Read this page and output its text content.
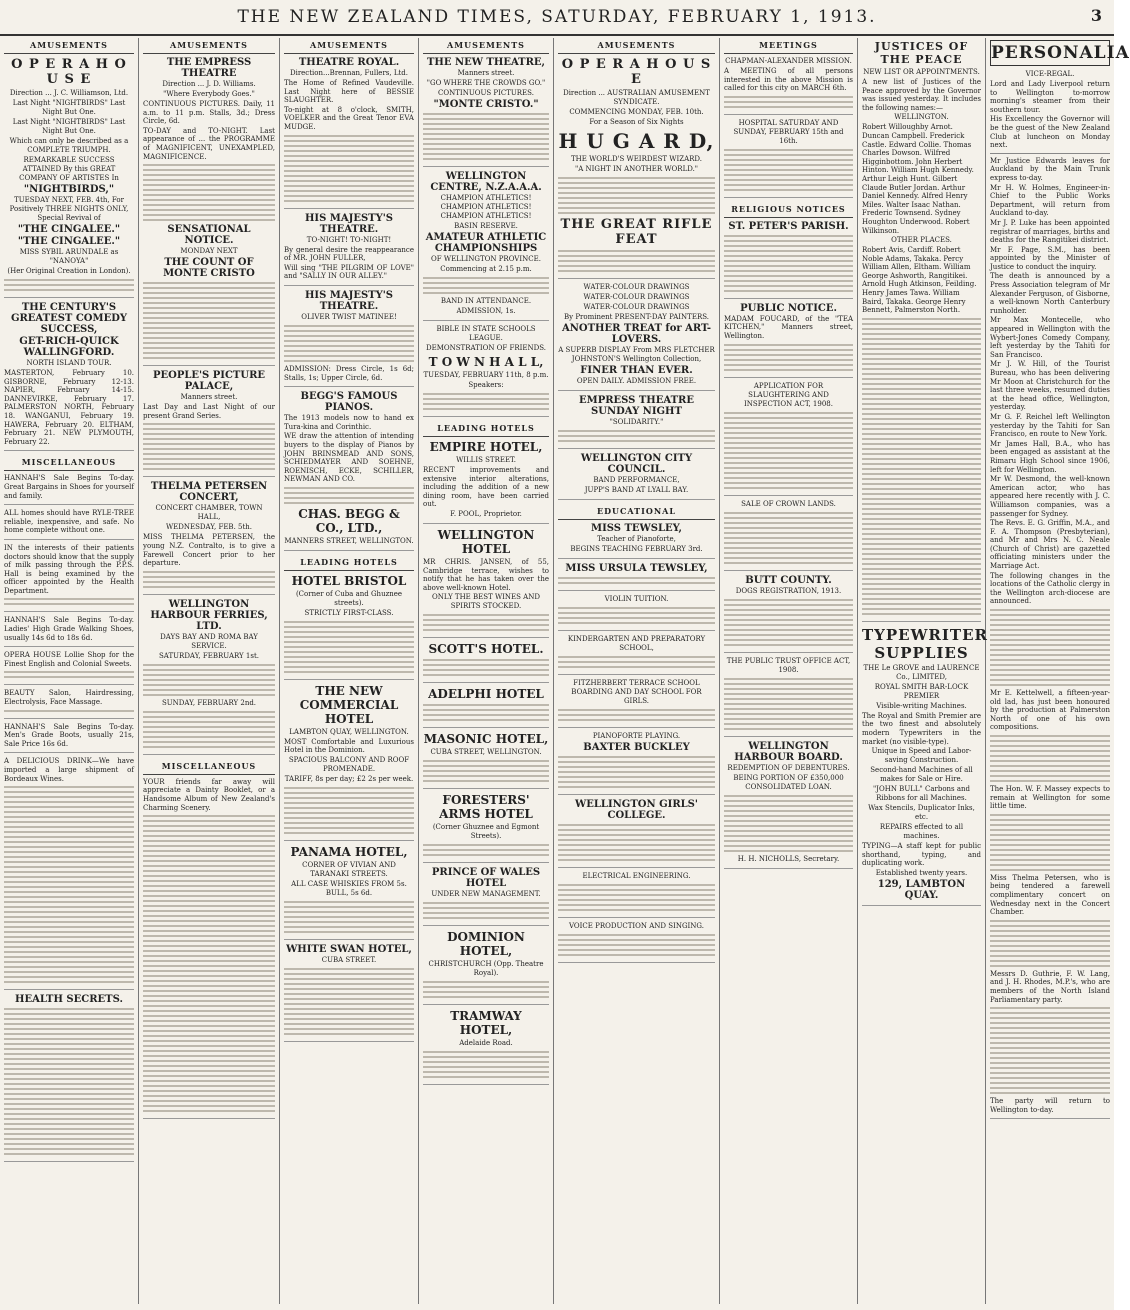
THE NEW ZEALAND TIMES, SATURDAY, FEBRUARY 1, 1913.	3
AMUSEMENTS
O P E R A H O U S E
Direction ... J. C. Williamson, Ltd.
Last Night "NIGHTBIRDS" Last Night But One.
Last Night "NIGHTBIRDS" Last Night But One.
Which can only be described as a COMPLETE TRIUMPH.
REMARKABLE SUCCESS ATTAINED By this GREAT COMPANY OF ARTISTES In
"NIGHTBIRDS,"
TUESDAY NEXT, FEB. 4th, For Positively THREE NIGHTS ONLY, Special Revival of
"THE CINGALEE."
"THE CINGALEE."
MISS SYBIL ARUNDALE as "NANOYA"
(Her Original Creation in London).
THE CENTURY'S GREATEST COMEDY SUCCESS,
GET-RICH-QUICK WALLINGFORD.
NORTH ISLAND TOUR.
MASTERTON, February 10. GISBORNE, February 12-13. NAPIER, February 14-15. DANNEVIRKE, February 17. PALMERSTON NORTH, February 18. WANGANUI, February 19. HAWERA, February 20. ELTHAM, February 21. NEW PLYMOUTH, February 22.
MISCELLANEOUS
HANNAH'S Sale Begins To-day. Great Bargains in Shoes for yourself and family.
ALL homes should have RYLE-TREE reliable, inexpensive, and safe. No home complete without one.
IN the interests of their patients doctors should know that the supply of milk passing through the P.P.S. Hall is being examined by the officer appointed by the Health Department.
HANNAH'S Sale Begins To-day. Ladies' High Grade Walking Shoes, usually 14s 6d to 18s 6d.
OPERA HOUSE Lollie Shop for the Finest English and Colonial Sweets.
BEAUTY Salon, Hairdressing, Electrolysis, Face Massage.
HANNAH'S Sale Begins To-day. Men's Grade Boots, usually 21s, Sale Price 16s 6d.
A DELICIOUS DRINK—We have imported a large shipment of Bordeaux Wines.
HEALTH SECRETS.
AMUSEMENTS
THE EMPRESS THEATRE
Direction ... J. D. Williams.
"Where Everybody Goes."
CONTINUOUS PICTURES. Daily, 11 a.m. to 11 p.m. Stalls, 3d.; Dress Circle, 6d.
TO-DAY and TO-NIGHT. Last appearance of ... the PROGRAMME of MAGNIFICENT, UNEXAMPLED, MAGNIFICENCE.
SENSATIONAL NOTICE.
MONDAY NEXT
THE COUNT OF MONTE CRISTO
PEOPLE'S PICTURE PALACE,
Manners street.
Last Day and Last Night of our present Grand Series.
THELMA PETERSEN CONCERT,
CONCERT CHAMBER, TOWN HALL,
WEDNESDAY, FEB. 5th.
MISS THELMA PETERSEN, the young N.Z. Contralto, is to give a Farewell Concert prior to her departure.
WELLINGTON HARBOUR FERRIES, LTD.
DAYS BAY AND ROMA BAY SERVICE.
SATURDAY, FEBRUARY 1st.
SUNDAY, FEBRUARY 2nd.
MISCELLANEOUS
YOUR friends far away will appreciate a Dainty Booklet, or a Handsome Album of New Zealand's Charming Scenery.
AMUSEMENTS
THEATRE ROYAL.
Direction...Brennan, Fullers, Ltd.
The Home of Refined Vaudeville. Last Night here of BESSIE SLAUGHTER.
To-night at 8 o'clock, SMITH, VOELKER and the Great Tenor EVA MUDGE.
HIS MAJESTY'S THEATRE.
TO-NIGHT! TO-NIGHT!
By general desire the reappearance of MR. JOHN FULLER,
Will sing "THE PILGRIM OF LOVE" and "SALLY IN OUR ALLEY."
HIS MAJESTY'S THEATRE.
OLIVER TWIST MATINEE!
ADMISSION: Dress Circle, 1s 6d; Stalls, 1s; Upper Circle, 6d.
BEGG'S FAMOUS PIANOS.
The 1913 models now to hand ex Tura-kina and Corinthic.
WE draw the attention of intending buyers to the display of Pianos by JOHN BRINSMEAD AND SONS, SCHIEDMAYER AND SOEHNE, ROENISCH, ECKE, SCHILLER, NEWMAN AND CO.
CHAS. BEGG & CO., LTD.,
MANNERS STREET, WELLINGTON.
LEADING HOTELS
HOTEL BRISTOL
(Corner of Cuba and Ghuznee streets).
STRICTLY FIRST-CLASS.
THE NEW COMMERCIAL HOTEL
LAMBTON QUAY, WELLINGTON.
MOST Comfortable and Luxurious Hotel in the Dominion.
SPACIOUS BALCONY AND ROOF PROMENADE.
TARIFF, 8s per day; £2 2s per week.
PANAMA HOTEL,
CORNER OF VIVIAN AND TARANAKI STREETS.
ALL CASE WHISKIES FROM 5s. BULL, 5s 6d.
WHITE SWAN HOTEL,
CUBA STREET.
AMUSEMENTS
THE NEW THEATRE,
Manners street.
"GO WHERE THE CROWDS GO."
CONTINUOUS PICTURES.
"MONTE CRISTO."
WELLINGTON CENTRE, N.Z.A.A.A.
CHAMPION ATHLETICS! CHAMPION ATHLETICS! CHAMPION ATHLETICS!
BASIN RESERVE.
AMATEUR ATHLETIC CHAMPIONSHIPS
OF WELLINGTON PROVINCE.
Commencing at 2.15 p.m.
BAND IN ATTENDANCE.
ADMISSION, 1s.
BIBLE IN STATE SCHOOLS LEAGUE.
DEMONSTRATION OF FRIENDS.
T O W N H A L L,
TUESDAY, FEBRUARY 11th, 8 p.m.
Speakers:
LEADING HOTELS
EMPIRE HOTEL,
WILLIS STREET.
RECENT improvements and extensive interior alterations, including the addition of a new dining room, have been carried out.
F. POOL, Proprietor.
WELLINGTON HOTEL
MR CHRIS. JANSEN, of 55, Cambridge terrace, wishes to notify that he has taken over the above well-known Hotel.
ONLY THE BEST WINES AND SPIRITS STOCKED.
SCOTT'S HOTEL.
ADELPHI HOTEL
MASONIC HOTEL,
CUBA STREET, WELLINGTON.
FORESTERS' ARMS HOTEL
(Corner Ghuznee and Egmont Streets).
PRINCE OF WALES HOTEL
UNDER NEW MANAGEMENT.
DOMINION HOTEL,
CHRISTCHURCH (Opp. Theatre Royal).
TRAMWAY HOTEL,
Adelaide Road.
AMUSEMENTS
O P E R A H O U S E
Direction ... AUSTRALIAN AMUSEMENT SYNDICATE.
COMMENCING MONDAY, FEB. 10th.
For a Season of Six Nights
H U G A R D,
THE WORLD'S WEIRDEST WIZARD.
"A NIGHT IN ANOTHER WORLD."
THE GREAT RIFLE FEAT
WATER-COLOUR DRAWINGS
WATER-COLOUR DRAWINGS
WATER-COLOUR DRAWINGS
By Prominent PRESENT-DAY PAINTERS.
ANOTHER TREAT for ART-LOVERS.
A SUPERB DISPLAY From MRS FLETCHER JOHNSTON'S Wellington Collection,
FINER THAN EVER.
OPEN DAILY. ADMISSION FREE.
EMPRESS THEATRE SUNDAY NIGHT
"SOLIDARITY."
WELLINGTON CITY COUNCIL.
BAND PERFORMANCE,
JUPP'S BAND AT LYALL BAY.
EDUCATIONAL
MISS TEWSLEY,
Teacher of Pianoforte,
BEGINS TEACHING FEBRUARY 3rd.
MISS URSULA TEWSLEY,
VIOLIN TUITION.
KINDERGARTEN AND PREPARATORY SCHOOL,
FITZHERBERT TERRACE SCHOOL BOARDING AND DAY SCHOOL FOR GIRLS.
PIANOFORTE PLAYING.
BAXTER BUCKLEY
WELLINGTON GIRLS' COLLEGE.
ELECTRICAL ENGINEERING.
VOICE PRODUCTION AND SINGING.
MEETINGS
CHAPMAN-ALEXANDER MISSION.
A MEETING of all persons interested in the above Mission is called for this city on MARCH 6th.
HOSPITAL SATURDAY AND SUNDAY, FEBRUARY 15th and 16th.
RELIGIOUS NOTICES
ST. PETER'S PARISH.
PUBLIC NOTICE.
MADAM FOUCARD, of the "TEA KITCHEN," Manners street, Wellington.
APPLICATION FOR SLAUGHTERING AND INSPECTION ACT, 1908.
SALE OF CROWN LANDS.
BUTT COUNTY.
DOGS REGISTRATION, 1913.
THE PUBLIC TRUST OFFICE ACT, 1908.
WELLINGTON HARBOUR BOARD.
REDEMPTION OF DEBENTURES.
BEING PORTION OF £350,000 CONSOLIDATED LOAN.
H. H. NICHOLLS, Secretary.
JUSTICES OF THE PEACE
NEW LIST OR APPOINTMENTS.
A new list of Justices of the Peace approved by the Governor was issued yesterday. It includes the following names:—
WELLINGTON.
Robert Willoughby Arnot. Duncan Campbell. Frederick Castle. Edward Collie. Thomas Charles Dowson. Wilfred Higginbottom. John Herbert Hinton. William Hugh Kennedy. Arthur Leigh Hunt. Gilbert Claude Butler Jordan. Arthur Daniel Kennedy. Alfred Henry Miles. Walter Isaac Nathan. Frederic Townsend. Sydney Houghton Underwood. Robert Wilkinson.
OTHER PLACES.
Robert Avis, Cardiff. Robert Noble Adams, Takaka. Percy William Allen, Eltham. William George Ashworth, Rangitikei. Arnold Hugh Atkinson, Feilding. Henry James Tawa. William Baird, Takaka. George Henry Bennett, Palmerston North.
TYPEWRITER SUPPLIES
THE Le GROVE and LAURENCE Co., LIMITED,
ROYAL SMITH BAR-LOCK PREMIER
Visible-writing Machines.
The Royal and Smith Premier are the two finest and absolutely modern Typewriters in the market (no visible-type).
Unique in Speed and Labor-saving Construction.
Second-hand Machines of all makes for Sale or Hire.
"JOHN BULL" Carbons and Ribbons for all Machines.
Wax Stencils, Duplicator Inks, etc.
REPAIRS effected to all machines.
TYPING—A staff kept for public shorthand, typing, and duplicating work.
Established twenty years.
129, LAMBTON QUAY.
PERSONALIA
VICE-REGAL.
Lord and Lady Liverpool return to Wellington to-morrow morning's steamer from their southern tour.
His Excellency the Governor will be the guest of the New Zealand Club at luncheon on Monday next.
Mr Justice Edwards leaves for Auckland by the Main Trunk express to-day.
Mr H. W. Holmes, Engineer-in-Chief to the Public Works Department, will return from Auckland to-day.
Mr J. P. Luke has been appointed registrar of marriages, births and deaths for the Rangitikei district.
Mr F. Page, S.M., has been appointed by the Minister of Justice to conduct the inquiry.
The death is announced by a Press Association telegram of Mr Alexander Ferguson, of Gisborne, a well-known North Canterbury runholder.
Mr Max Montecelle, who appeared in Wellington with the Wybert-Jones Comedy Company, left yesterday by the Tahiti for San Francisco.
Mr J. W. Hill, of the Tourist Bureau, who has been delivering Mr Moon at Christchurch for the last three weeks, resumed duties at the head office, Wellington, yesterday.
Mr G. F. Reichel left Wellington yesterday by the Tahiti for San Francisco, en route to New York.
Mr James Hall, B.A., who has been engaged as assistant at the Rimaru High School since 1906, left for Wellington.
Mr W. Desmond, the well-known American actor, who has appeared here recently with J. C. Williamson companies, was a passenger for Sydney.
The Revs. E. G. Griffin, M.A., and F. A. Thompson (Presbyterian), and Mr and Mrs N. C. Neale (Church of Christ) are gazetted officiating ministers under the Marriage Act.
The following changes in the locations of the Catholic clergy in the Wellington arch-diocese are announced.
Mr E. Kettelwell, a fifteen-year-old lad, has just been honoured by the production at Palmerston North of one of his own compositions.
The Hon. W. F. Massey expects to remain at Wellington for some little time.
Miss Thelma Petersen, who is being tendered a farewell complimentary concert on Wednesday next in the Concert Chamber.
Messrs D. Guthrie, F. W. Lang, and J. H. Rhodes, M.P.'s, who are members of the North Island Parliamentary party.
The party will return to Wellington to-day.
